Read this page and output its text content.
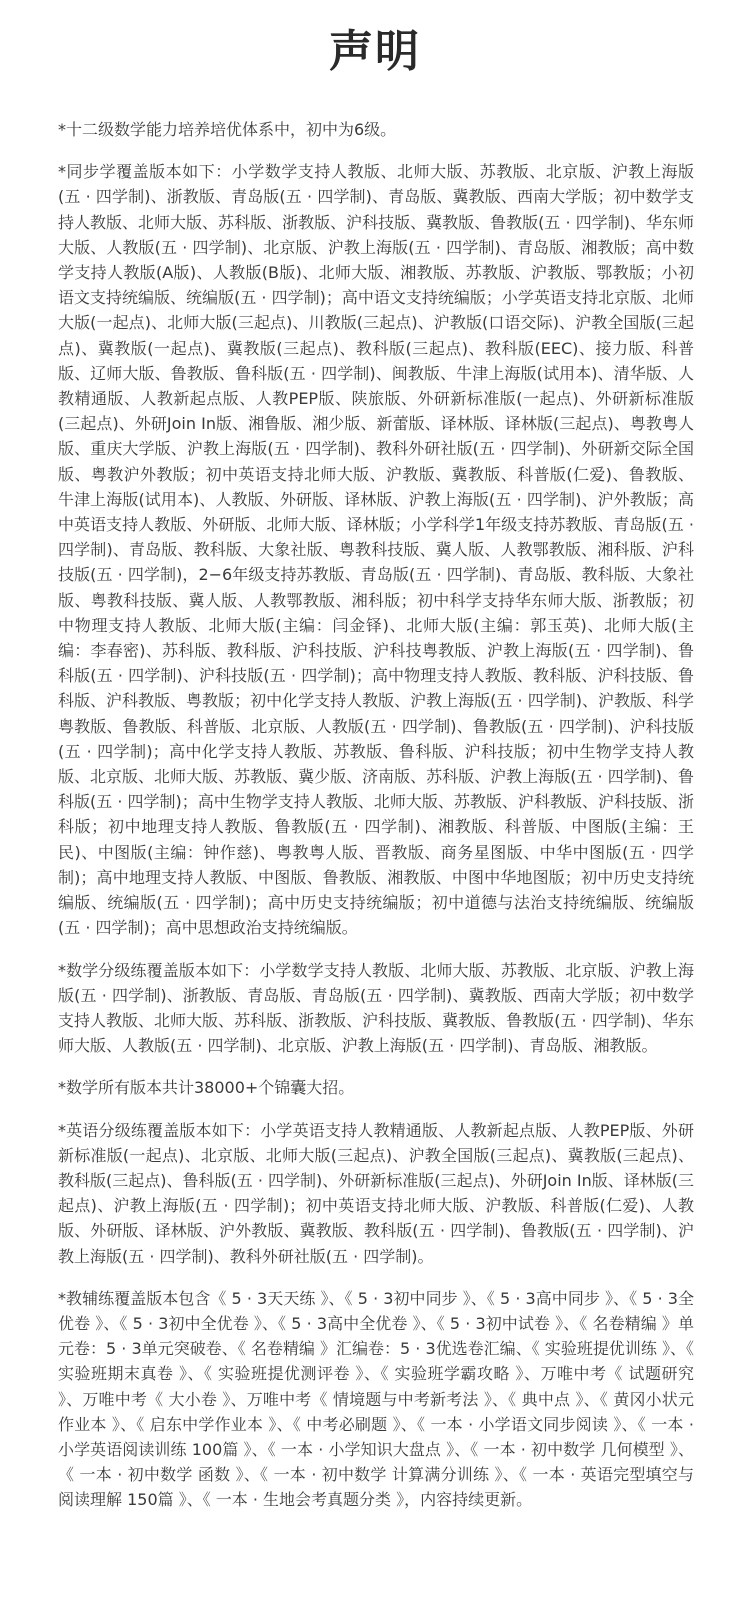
声明

*十二级数学能力培养培优体系中，初中为6级。

*同步学覆盖版本如下：小学数学支持人教版、北师大版、苏教版、北京版、沪教上海版(五 · 四学制)、浙教版、青岛版(五 · 四学制)、青岛版、冀教版、西南大学版；初中数学支持人教版、北师大版、苏科版、浙教版、沪科技版、冀教版、鲁教版(五 · 四学制)、华东师大版、人教版(五 · 四学制)、北京版、沪教上海版(五 · 四学制)、青岛版、湘教版；高中数学支持人教版(A版)、人教版(B版)、北师大版、湘教版、苏教版、沪教版、鄂教版；小初语文支持统编版、统编版(五 · 四学制)；高中语文支持统编版；小学英语支持北京版、北师大版(一起点)、北师大版(三起点)、川教版(三起点)、沪教版(口语交际)、沪教全国版(三起点)、冀教版(一起点)、冀教版(三起点)、教科版(三起点)、教科版(EEC)、接力版、科普版、辽师大版、鲁教版、鲁科版(五 · 四学制)、闽教版、牛津上海版(试用本)、清华版、人教精通版、人教新起点版、人教PEP版、陕旅版、外研新标准版(一起点)、外研新标准版(三起点)、外研Join In版、湘鲁版、湘少版、新蕾版、译林版、译林版(三起点)、粤教粤人版、重庆大学版、沪教上海版(五 · 四学制)、教科外研社版(五 · 四学制)、外研新交际全国版、粤教沪外教版；初中英语支持北师大版、沪教版、冀教版、科普版(仁爱)、鲁教版、牛津上海版(试用本)、人教版、外研版、译林版、沪教上海版(五 · 四学制)、沪外教版；高中英语支持人教版、外研版、北师大版、译林版；小学科学1年级支持苏教版、青岛版(五 · 四学制)、青岛版、教科版、大象社版、粤教科技版、冀人版、人教鄂教版、湘科版、沪科技版(五 · 四学制)，2−6年级支持苏教版、青岛版(五 · 四学制)、青岛版、教科版、大象社版、粤教科技版、冀人版、人教鄂教版、湘科版；初中科学支持华东师大版、浙教版；初中物理支持人教版、北师大版(主编：闫金铎)、北师大版(主编：郭玉英)、北师大版(主编：李春密)、苏科版、教科版、沪科技版、沪科技粤教版、沪教上海版(五 · 四学制)、鲁科版(五 · 四学制)、沪科技版(五 · 四学制)；高中物理支持人教版、教科版、沪科技版、鲁科版、沪科教版、粤教版；初中化学支持人教版、沪教上海版(五 · 四学制)、沪教版、科学粤教版、鲁教版、科普版、北京版、人教版(五 · 四学制)、鲁教版(五 · 四学制)、沪科技版(五 · 四学制)；高中化学支持人教版、苏教版、鲁科版、沪科技版；初中生物学支持人教版、北京版、北师大版、苏教版、冀少版、济南版、苏科版、沪教上海版(五 · 四学制)、鲁科版(五 · 四学制)；高中生物学支持人教版、北师大版、苏教版、沪科教版、沪科技版、浙科版；初中地理支持人教版、鲁教版(五 · 四学制)、湘教版、科普版、中图版(主编：王民)、中图版(主编：钟作慈)、粤教粤人版、晋教版、商务星图版、中华中图版(五 · 四学制)；高中地理支持人教版、中图版、鲁教版、湘教版、中图中华地图版；初中历史支持统编版、统编版(五 · 四学制)；高中历史支持统编版；初中道德与法治支持统编版、统编版(五 · 四学制)；高中思想政治支持统编版。

*数学分级练覆盖版本如下：小学数学支持人教版、北师大版、苏教版、北京版、沪教上海版(五 · 四学制)、浙教版、青岛版、青岛版(五 · 四学制)、冀教版、西南大学版；初中数学支持人教版、北师大版、苏科版、浙教版、沪科技版、冀教版、鲁教版(五 · 四学制)、华东师大版、人教版(五 · 四学制)、北京版、沪教上海版(五 · 四学制)、青岛版、湘教版。

*数学所有版本共计38000+个锦囊大招。

*英语分级练覆盖版本如下：小学英语支持人教精通版、人教新起点版、人教PEP版、外研新标准版(一起点)、北京版、北师大版(三起点)、沪教全国版(三起点)、冀教版(三起点)、教科版(三起点)、鲁科版(五 · 四学制)、外研新标准版(三起点)、外研Join In版、译林版(三起点)、沪教上海版(五 · 四学制)；初中英语支持北师大版、沪教版、科普版(仁爱)、人教版、外研版、译林版、沪外教版、冀教版、教科版(五 · 四学制)、鲁教版(五 · 四学制)、沪教上海版(五 · 四学制)、教科外研社版(五 · 四学制)。

*教辅练覆盖版本包含《 5 · 3天天练 》、《 5 · 3初中同步 》、《 5 · 3高中同步 》、《 5 · 3全优卷 》、《 5 · 3初中全优卷 》、《 5 · 3高中全优卷 》、《 5 · 3初中试卷 》、《 名卷精编 》单元卷：5 · 3单元突破卷、《 名卷精编 》汇编卷：5 · 3优选卷汇编、《 实验班提优训练 》、《 实验班期末真卷 》、《 实验班提优测评卷 》、《 实验班学霸攻略 》、万唯中考《 试题研究 》、万唯中考《 大小卷 》、万唯中考《 情境题与中考新考法 》、《 典中点 》、《 黄冈小状元作业本 》、《 启东中学作业本 》、《 中考必刷题 》、《 一本 · 小学语文同步阅读 》、《 一本 · 小学英语阅读训练 100篇 》、《 一本 · 小学知识大盘点 》、《 一本 · 初中数学 几何模型 》、《 一本 · 初中数学 函数 》、《 一本 · 初中数学 计算满分训练 》、《 一本 · 英语完型填空与阅读理解 150篇 》、《 一本 · 生地会考真题分类 》，内容持续更新。
